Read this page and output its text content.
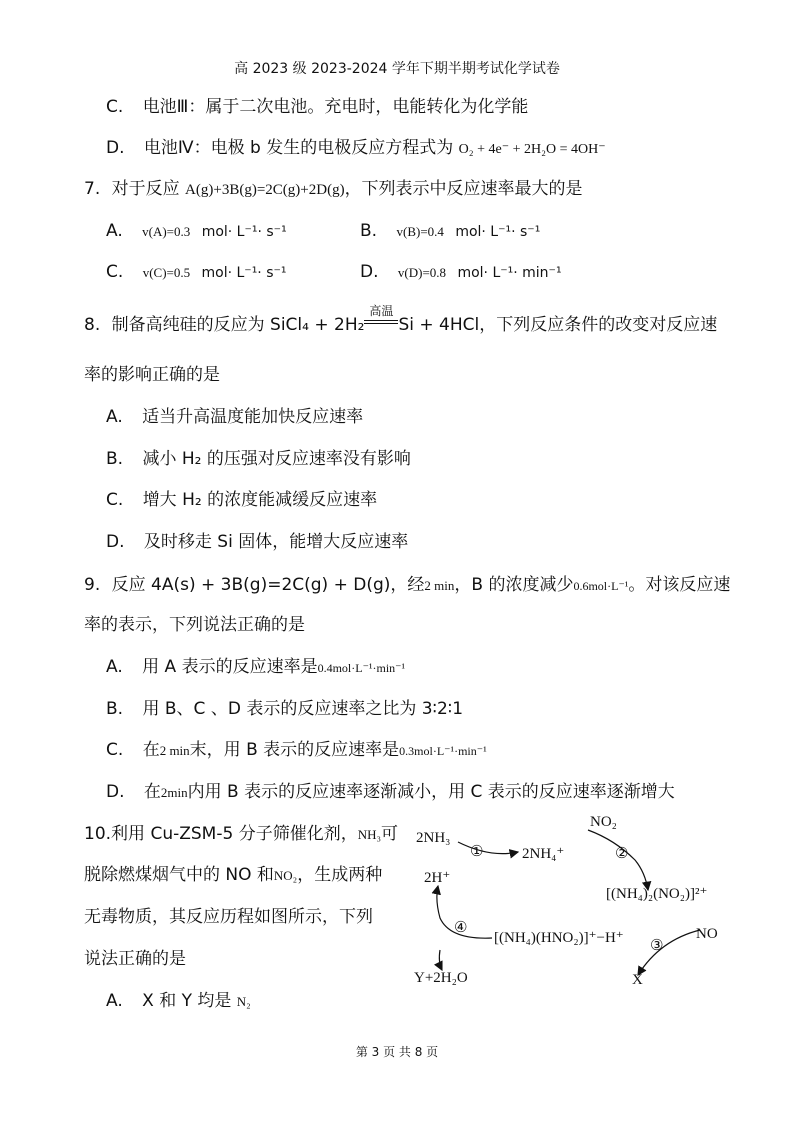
高 2023 级 2023-2024 学年下期半期考试化学试卷
C. 电池Ⅲ：属于二次电池。充电时，电能转化为化学能
D. 电池Ⅳ：电极 b 发生的电极反应方程式为 O₂ + 4e⁻ + 2H₂O = 4OH⁻
7. 对于反应 A(g)+3B(g)=2C(g)+2D(g)，下列表示中反应速率最大的是
A. v(A)=0.3 mol· L⁻¹· s⁻¹	B. v(B)=0.4 mol· L⁻¹· s⁻¹
C. v(C)=0.5 mol· L⁻¹· s⁻¹	D. v(D)=0.8 mol· L⁻¹· min⁻¹
8. 制备高纯硅的反应为 SiCl₄ + 2H₂
高温
Si + 4HCl，下列反应条件的改变对反应速
率的影响正确的是
A. 适当升高温度能加快反应速率
B. 减小 H₂ 的压强对反应速率没有影响
C. 增大 H₂ 的浓度能减缓反应速率
D. 及时移走 Si 固体，能增大反应速率
9. 反应 4A(s) + 3B(g)=2C(g) + D(g)，经2 min，B 的浓度减少0.6mol·L⁻¹。对该反应速
率的表示，下列说法正确的是
A. 用 A 表示的反应速率是0.4mol·L⁻¹·min⁻¹
B. 用 B、C 、D 表示的反应速率之比为 3∶2∶1
C. 在2 min末，用 B 表示的反应速率是0.3mol·L⁻¹·min⁻¹
D. 在2min内用 B 表示的反应速率逐渐减小，用 C 表示的反应速率逐渐增大
10.利用 Cu-ZSM-5 分子筛催化剂，NH₃可
脱除燃煤烟气中的 NO 和NO₂，生成两种
无毒物质，其反应历程如图所示，下列
说法正确的是
A. X 和 Y 均是 N₂
2NH₃
①	2NH₄⁺
NO₂
②
[(NH₄)₂(NO₂)]²⁺
2H⁺
④
[(NH₄)(HNO₂)]⁺−H⁺ ③
NO
X
Y+2H₂O
第 3 页 共 8 页
